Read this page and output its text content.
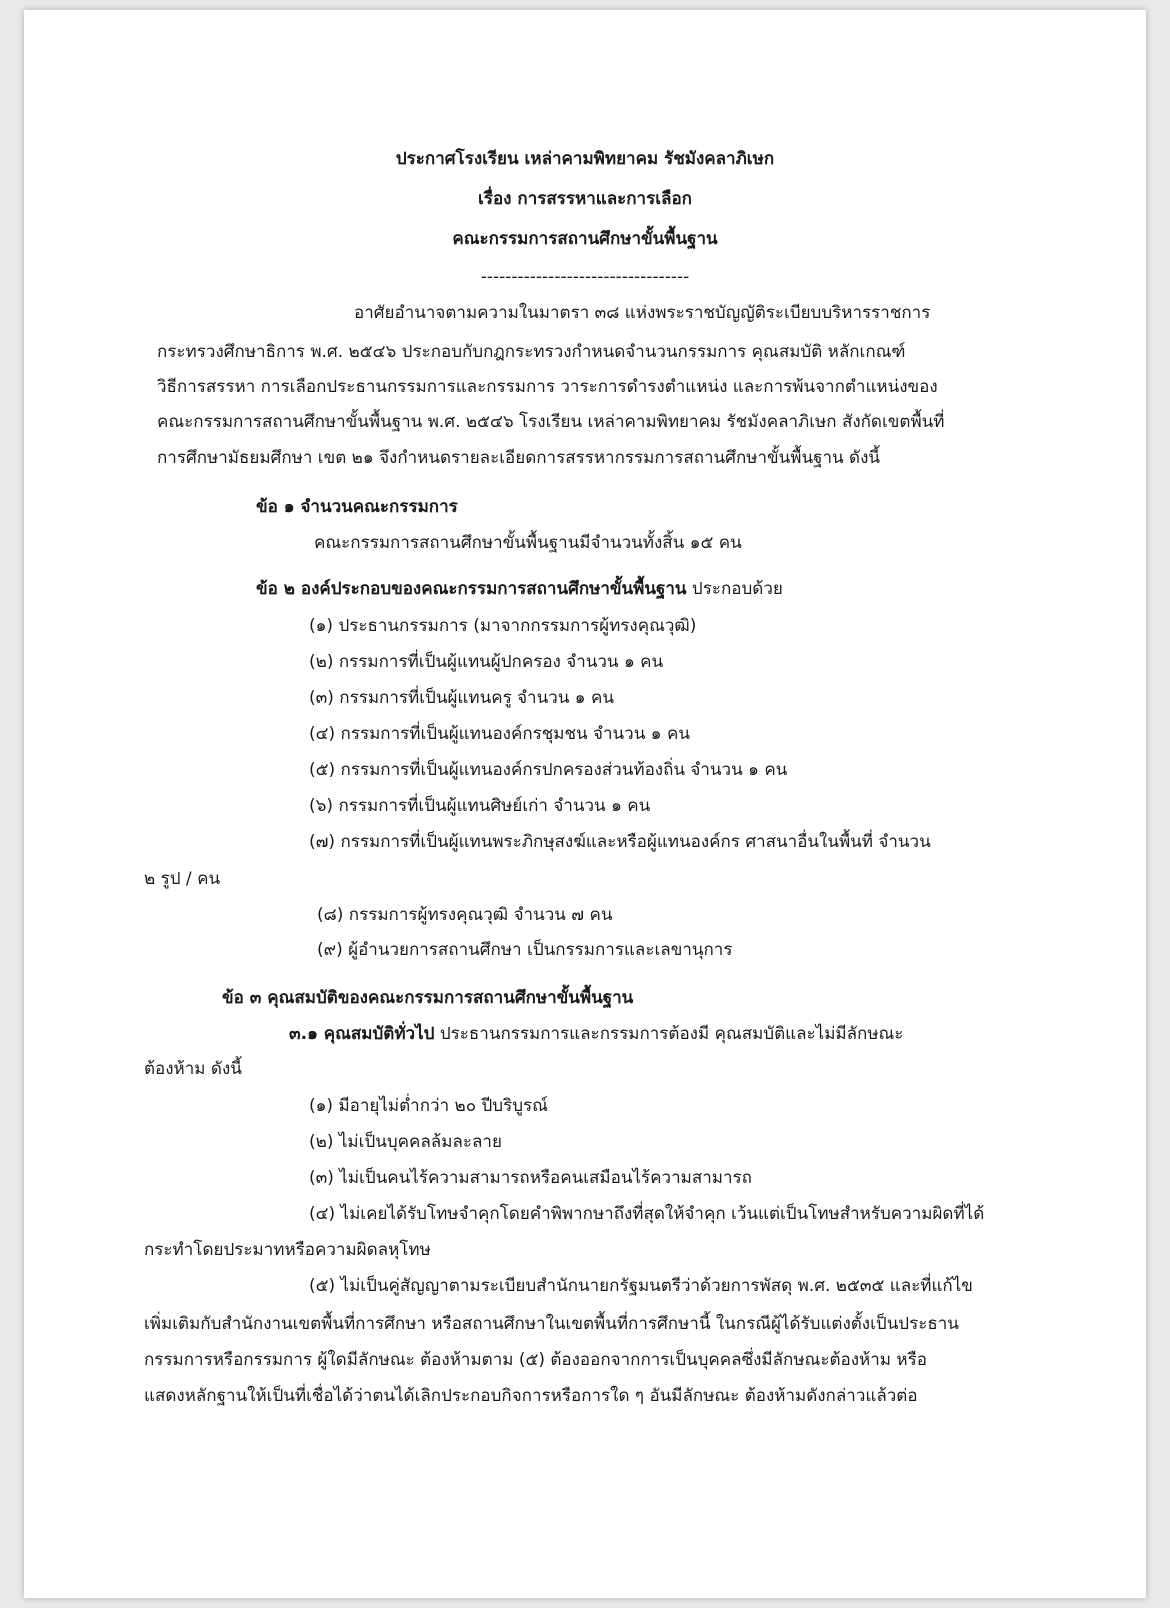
ประกาศโรงเรียน เหล่าคามพิทยาคม รัชมังคลาภิเษก
เรื่อง การสรรหาและการเลือก
คณะกรรมการสถานศึกษาขั้นพื้นฐาน
----------------------------------
อาศัยอำนาจตามความในมาตรา ๓๘ แห่งพระราชบัญญัติระเบียบบริหารราชการ
กระทรวงศึกษาธิการ พ.ศ. ๒๕๔๖ ประกอบกับกฎกระทรวงกำหนดจำนวนกรรมการ คุณสมบัติ หลักเกณฑ์
วิธีการสรรหา การเลือกประธานกรรมการและกรรมการ วาระการดำรงตำแหน่ง และการพ้นจากตำแหน่งของ
คณะกรรมการสถานศึกษาขั้นพื้นฐาน พ.ศ. ๒๕๔๖ โรงเรียน เหล่าคามพิทยาคม รัชมังคลาภิเษก สังกัดเขตพื้นที่
การศึกษามัธยมศึกษา เขต ๒๑ จึงกำหนดรายละเอียดการสรรหากรรมการสถานศึกษาขั้นพื้นฐาน ดังนี้
ข้อ ๑ จำนวนคณะกรรมการ
คณะกรรมการสถานศึกษาขั้นพื้นฐานมีจำนวนทั้งสิ้น ๑๕ คน
ข้อ ๒ องค์ประกอบของคณะกรรมการสถานศึกษาขั้นพื้นฐาน ประกอบด้วย
(๑) ประธานกรรมการ (มาจากกรรมการผู้ทรงคุณวุฒิ)
(๒) กรรมการที่เป็นผู้แทนผู้ปกครอง จำนวน ๑ คน
(๓) กรรมการที่เป็นผู้แทนครู จำนวน ๑ คน
(๔) กรรมการที่เป็นผู้แทนองค์กรชุมชน จำนวน ๑ คน
(๕) กรรมการที่เป็นผู้แทนองค์กรปกครองส่วนท้องถิ่น จำนวน ๑ คน
(๖) กรรมการที่เป็นผู้แทนศิษย์เก่า จำนวน ๑ คน
(๗) กรรมการที่เป็นผู้แทนพระภิกษุสงฆ์และหรือผู้แทนองค์กร ศาสนาอื่นในพื้นที่ จำนวน
๒ รูป / คน
(๘) กรรมการผู้ทรงคุณวุฒิ จำนวน ๗ คน
(๙) ผู้อำนวยการสถานศึกษา เป็นกรรมการและเลขานุการ
ข้อ ๓ คุณสมบัติของคณะกรรมการสถานศึกษาขั้นพื้นฐาน
๓.๑ คุณสมบัติทั่วไป ประธานกรรมการและกรรมการต้องมี คุณสมบัติและไม่มีลักษณะ
ต้องห้าม ดังนี้
(๑) มีอายุไม่ต่ำกว่า ๒๐ ปีบริบูรณ์
(๒) ไม่เป็นบุคคลล้มละลาย
(๓) ไม่เป็นคนไร้ความสามารถหรือคนเสมือนไร้ความสามารถ
(๔) ไม่เคยได้รับโทษจำคุกโดยคำพิพากษาถึงที่สุดให้จำคุก เว้นแต่เป็นโทษสำหรับความผิดที่ได้
กระทำโดยประมาทหรือความผิดลหุโทษ
(๕) ไม่เป็นคู่สัญญาตามระเบียบสำนักนายกรัฐมนตรีว่าด้วยการพัสดุ พ.ศ. ๒๕๓๕ และที่แก้ไข
เพิ่มเติมกับสำนักงานเขตพื้นที่การศึกษา หรือสถานศึกษาในเขตพื้นที่การศึกษานี้ ในกรณีผู้ได้รับแต่งตั้งเป็นประธาน
กรรมการหรือกรรมการ ผู้ใดมีลักษณะ ต้องห้ามตาม (๕) ต้องออกจากการเป็นบุคคลซึ่งมีลักษณะต้องห้าม หรือ
แสดงหลักฐานให้เป็นที่เชื่อได้ว่าตนได้เลิกประกอบกิจการหรือการใด ๆ อันมีลักษณะ ต้องห้ามดังกล่าวแล้วต่อ
